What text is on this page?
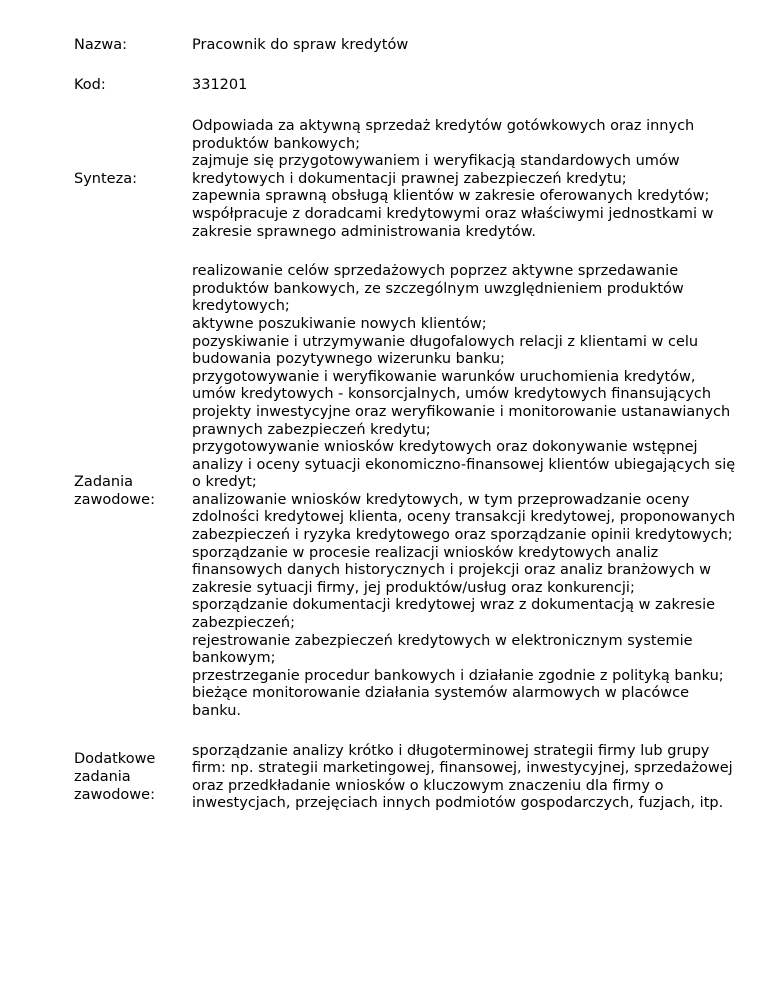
Nazwa:	Pracownik do spraw kredytów
Kod:	331201
Synteza:
Odpowiada za aktywną sprzedaż kredytów gotówkowych oraz innych produktów bankowych;
zajmuje się przygotowywaniem i weryfikacją standardowych umów kredytowych i dokumentacji prawnej zabezpieczeń kredytu;
zapewnia sprawną obsługą klientów w zakresie oferowanych kredytów;
współpracuje z doradcami kredytowymi oraz właściwymi jednostkami w zakresie sprawnego administrowania kredytów.
Zadania zawodowe:
realizowanie celów sprzedażowych poprzez aktywne sprzedawanie produktów bankowych, ze szczególnym uwzględnieniem produktów kredytowych;
aktywne poszukiwanie nowych klientów;
pozyskiwanie i utrzymywanie długofalowych relacji z klientami w celu budowania pozytywnego wizerunku banku;
przygotowywanie i weryfikowanie warunków uruchomienia kredytów, umów kredytowych - konsorcjalnych, umów kredytowych finansujących projekty inwestycyjne oraz weryfikowanie i monitorowanie ustanawianych prawnych zabezpieczeń kredytu;
przygotowywanie wniosków kredytowych oraz dokonywanie wstępnej analizy i oceny sytuacji ekonomiczno-finansowej klientów ubiegających się o kredyt;
analizowanie wniosków kredytowych, w tym przeprowadzanie oceny zdolności kredytowej klienta, oceny transakcji kredytowej, proponowanych zabezpieczeń i ryzyka kredytowego oraz sporządzanie opinii kredytowych;
sporządzanie w procesie realizacji wniosków kredytowych analiz finansowych danych historycznych i projekcji oraz analiz branżowych w zakresie sytuacji firmy, jej produktów/usług oraz konkurencji;
sporządzanie dokumentacji kredytowej wraz z dokumentacją w zakresie zabezpieczeń;
rejestrowanie zabezpieczeń kredytowych w elektronicznym systemie bankowym;
przestrzeganie procedur bankowych i działanie zgodnie z polityką banku;
bieżące monitorowanie działania systemów alarmowych w placówce banku.
Dodatkowe zadania zawodowe:
sporządzanie analizy krótko i długoterminowej strategii firmy lub grupy firm: np. strategii marketingowej, finansowej, inwestycyjnej, sprzedażowej oraz przedkładanie wniosków o kluczowym znaczeniu dla firmy o inwestycjach, przejęciach innych podmiotów gospodarczych, fuzjach, itp.
